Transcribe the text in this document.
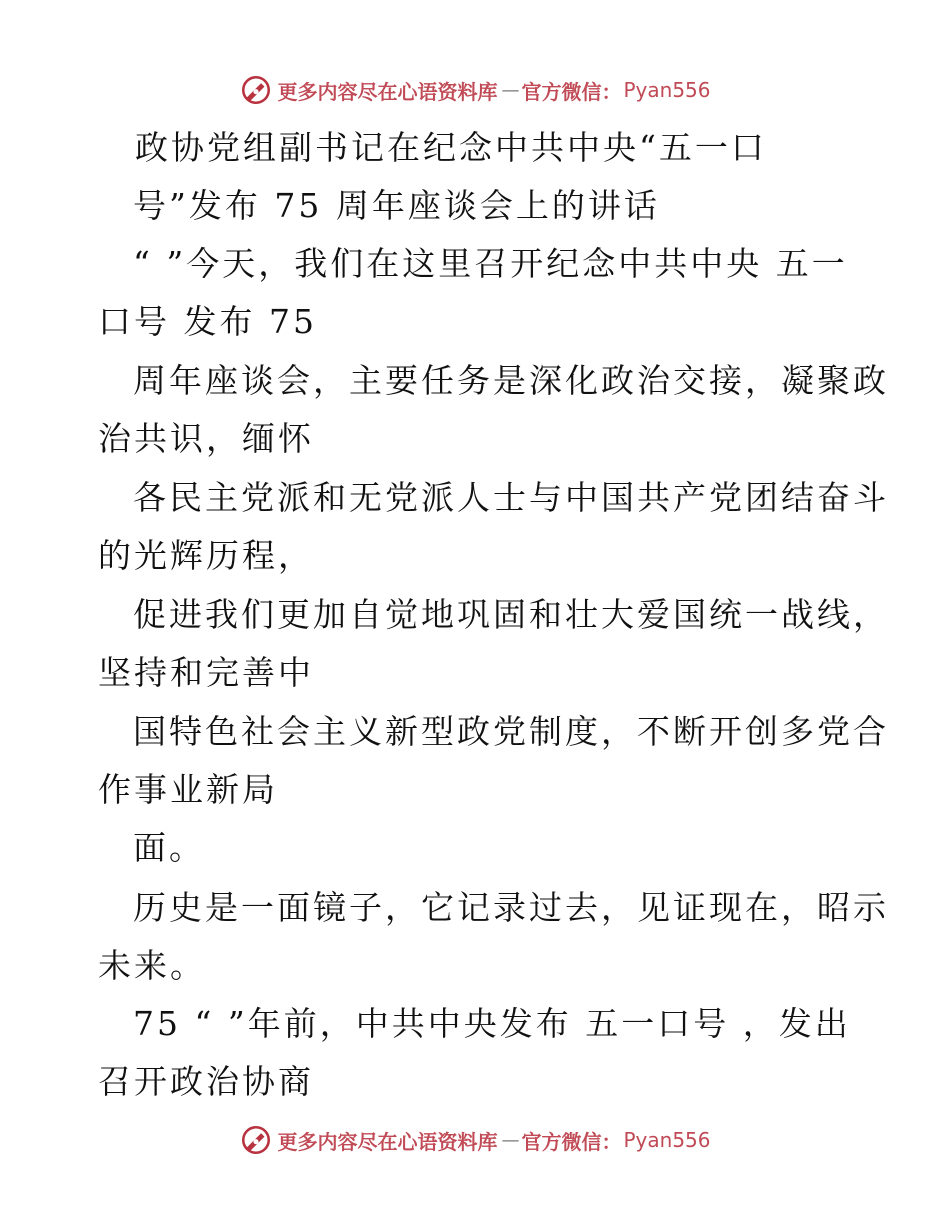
更多内容尽在心语资料库 — 官方微信： Pyan556
政协党组副书记在纪念中共中央“五一口
号”发布 75 周年座谈会上的讲话
“ ”今天，我们在这里召开纪念中共中央 五一
口号 发布 75
周年座谈会，主要任务是深化政治交接，凝聚政
治共识，缅怀
各民主党派和无党派人士与中国共产党团结奋斗
的光辉历程，
促进我们更加自觉地巩固和壮大爱国统一战线，
坚持和完善中
国特色社会主义新型政党制度，不断开创多党合
作事业新局
面。
历史是一面镜子，它记录过去，见证现在，昭示
未来。
75 “ ”年前，中共中央发布 五一口号 ，发出
召开政治协商
更多内容尽在心语资料库 — 官方微信： Pyan556
